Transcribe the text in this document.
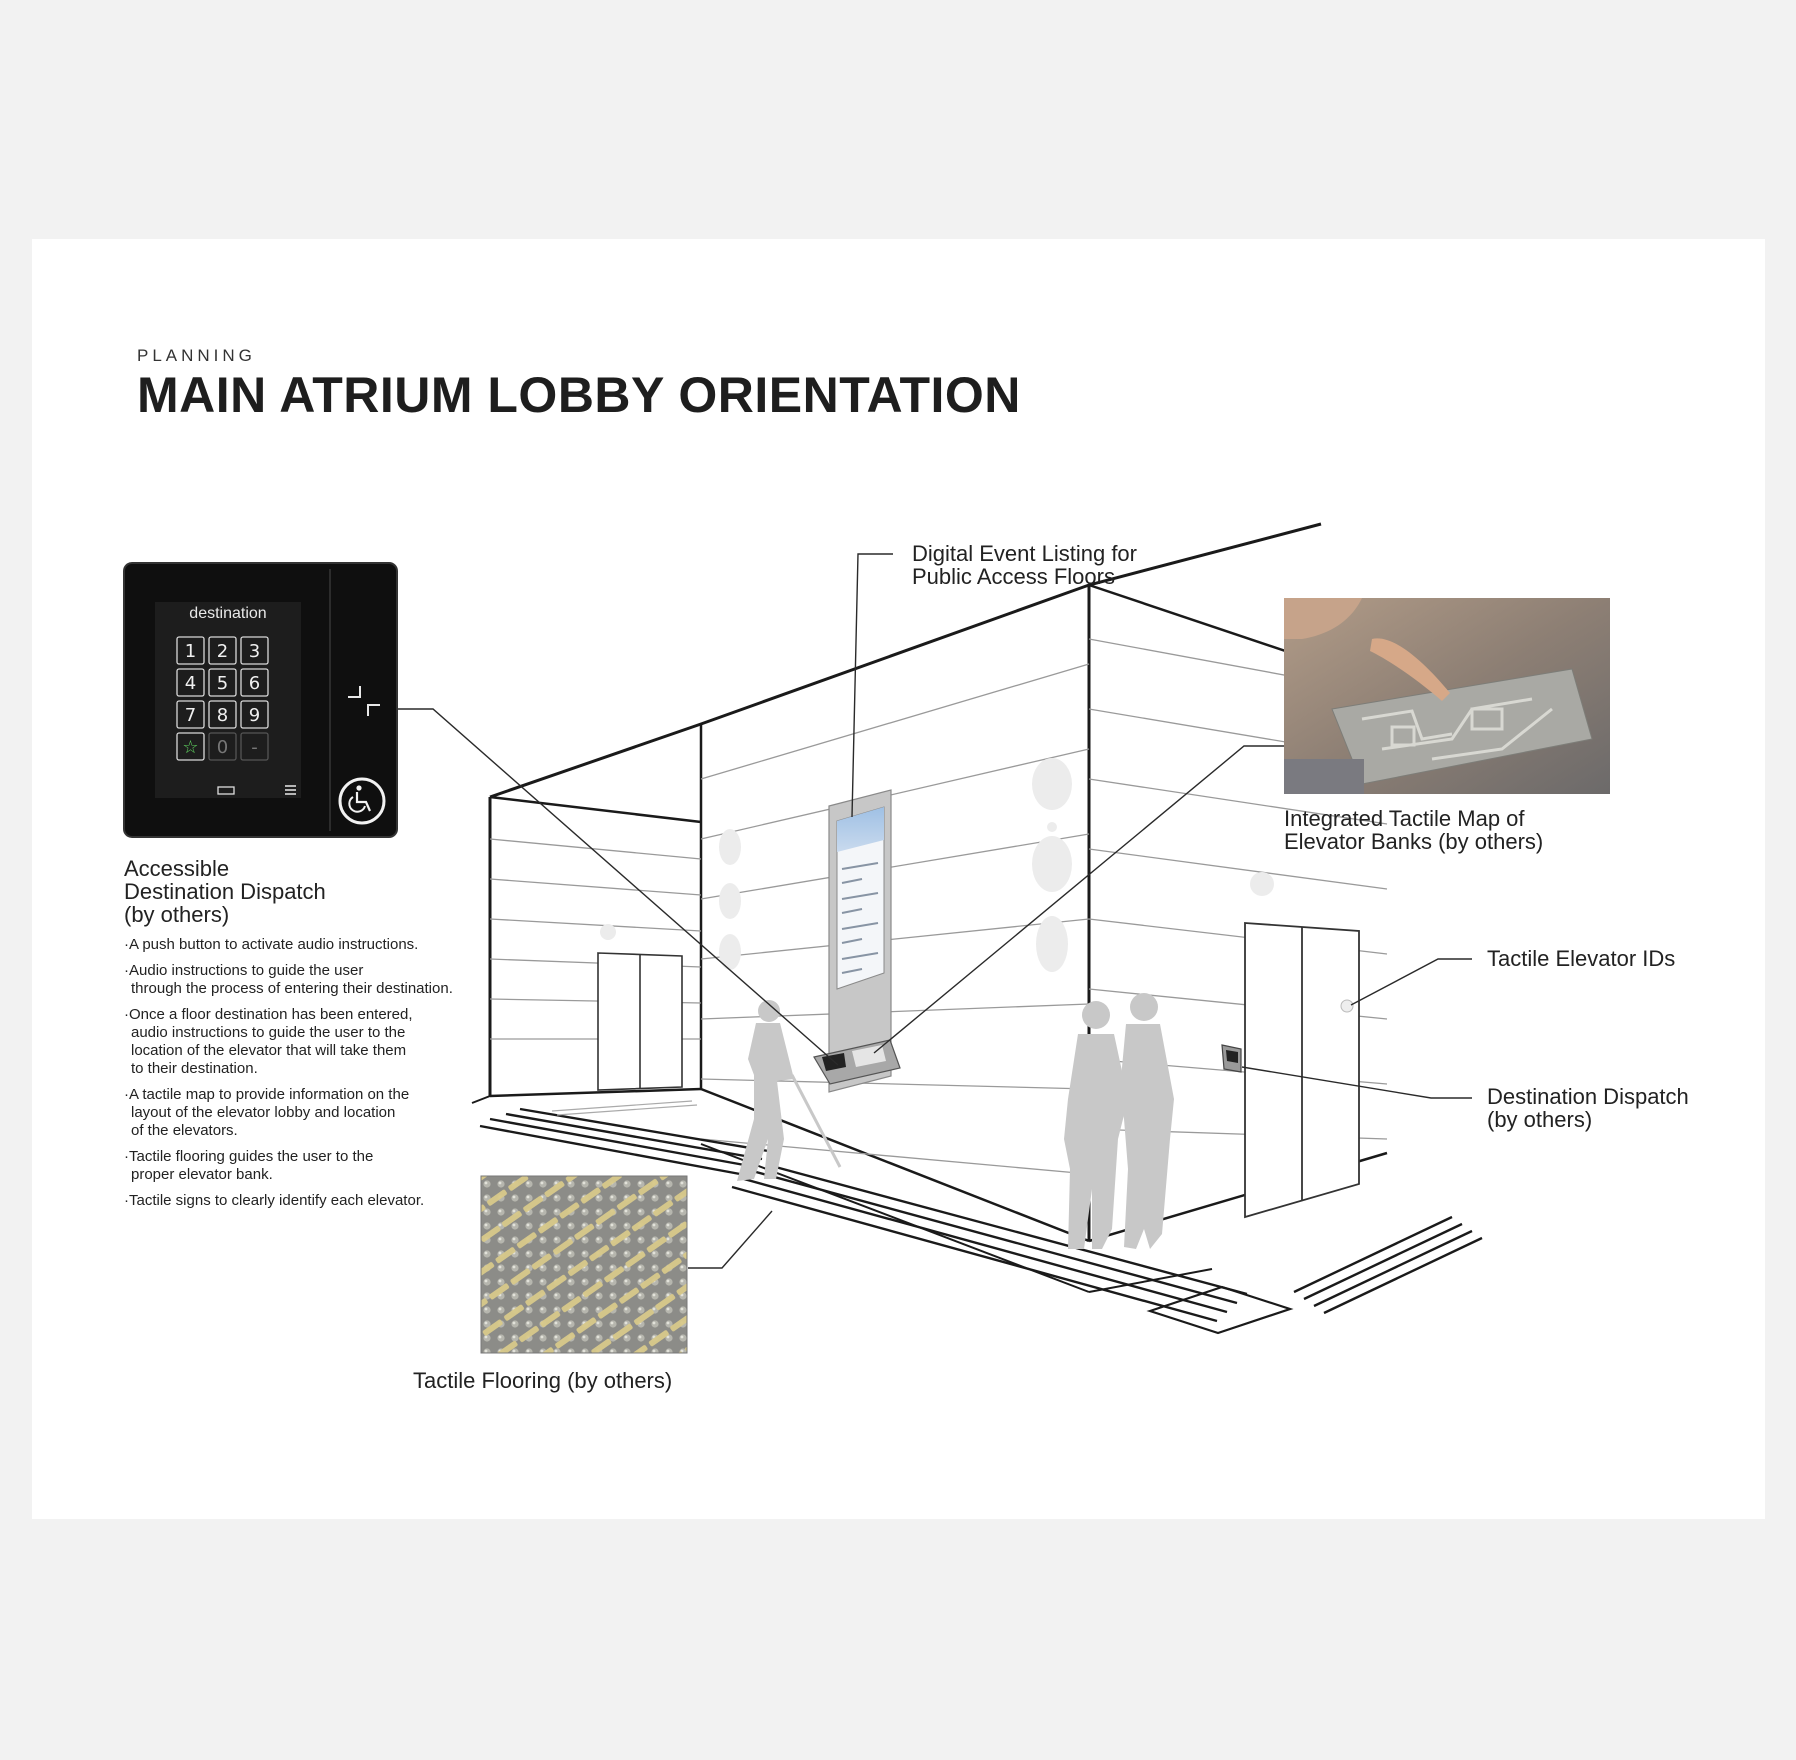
PLANNING
MAIN ATRIUM LOBBY ORIENTATION
destination
1 2 3
4 5 6
7 8 9
☆ 0 -
Accessible
Destination Dispatch
(by others)
Digital Event Listing for
Public Access Floors
Integrated Tactile Map of
Elevator Banks (by others)
Tactile Elevator IDs
Destination Dispatch
(by others)
Tactile Flooring (by others)
· A push button to activate audio instructions.
· Audio instructions to guide the user
through the process of entering their destination.
· Once a floor destination has been entered,
audio instructions to guide the user to the
location of the elevator that will take them
to their destination.
· A tactile map to provide information on the
layout of the elevator lobby and location
of the elevators.
· Tactile flooring guides the user to the
proper elevator bank.
· Tactile signs to clearly identify each elevator.
